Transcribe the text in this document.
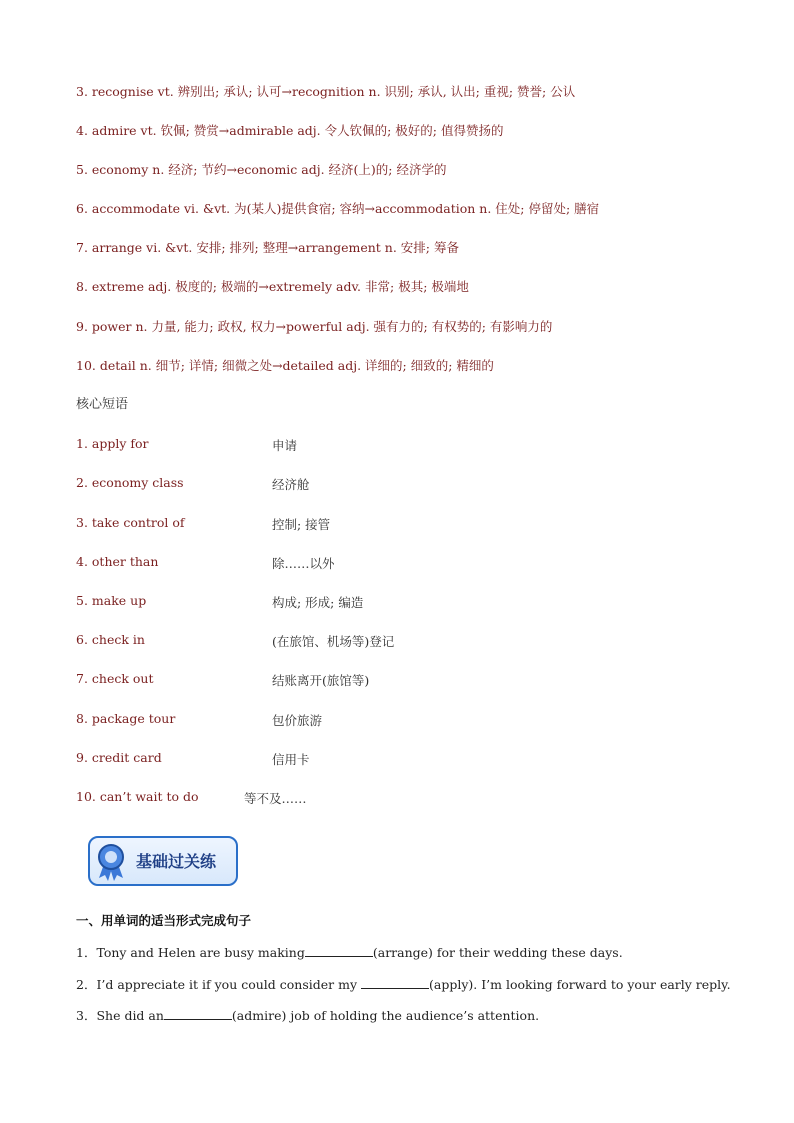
3. recognise vt. 辨别出; 承认; 认可→recognition n. 识别; 承认, 认出; 重视; 赞誉; 公认
4. admire vt. 钦佩; 赞赏→admirable adj. 令人钦佩的; 极好的; 值得赞扬的
5. economy n. 经济; 节约→economic adj. 经济(上)的; 经济学的
6. accommodate vi. &vt. 为(某人)提供食宿; 容纳→accommodation n. 住处; 停留处; 膳宿
7. arrange vi. &vt. 安排; 排列; 整理→arrangement n. 安排; 筹备
8. extreme adj. 极度的; 极端的→extremely adv. 非常; 极其; 极端地
9. power n. 力量, 能力; 政权, 权力→powerful adj. 强有力的; 有权势的; 有影响力的
10. detail n. 细节; 详情; 细微之处→detailed adj. 详细的; 细致的; 精细的
核心短语
1. apply for	申请
2. economy class	经济舱
3. take control of	控制; 接管
4. other than	除……以外
5. make up	构成; 形成; 编造
6. check in	(在旅馆、机场等)登记
7. check out	结账离开(旅馆等)
8. package tour	包价旅游
9. credit card	信用卡
10. can’t wait to do	等不及……
基础过关练
一、用单词的适当形式完成句子
1．Tony and Helen are busy making	(arrange) for their wedding these days.
2．I’d appreciate it if you could consider my	(apply). I’m looking forward to your early reply.
3．She did an	(admire) job of holding the audience’s attention.
